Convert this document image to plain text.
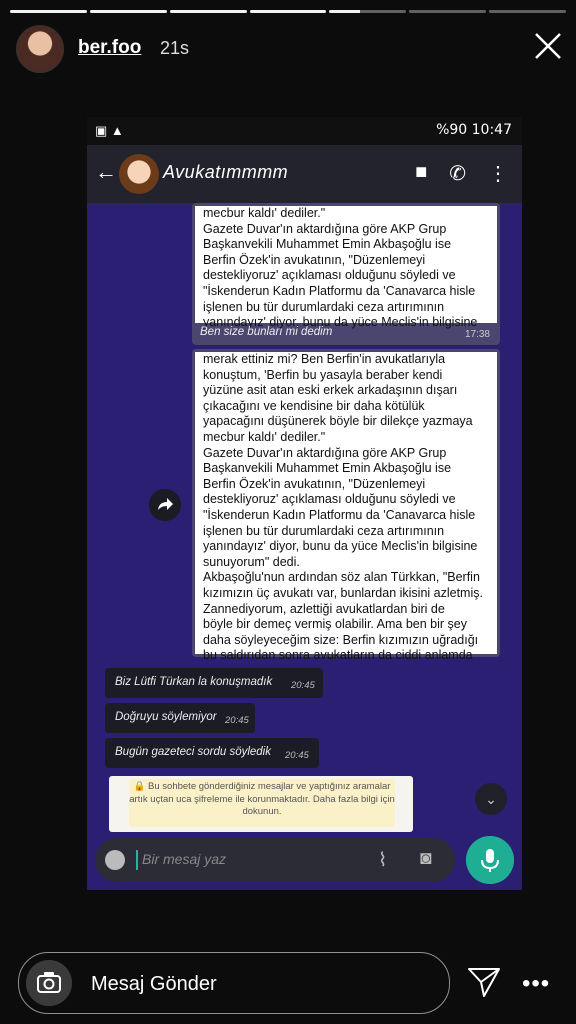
ber.foo 21s
▣ ▲	%90 10:47
←	Avukatımmmm	■ ✆ ⋮

mecbur kaldı' dediler."

Gazete Duvar'ın aktardığına göre AKP Grup

Başkanvekili Muhammet Emin Akbaşoğlu ise

Berfin Özek'in avukatının, "Düzenlemeyi

destekliyoruz' açıklaması olduğunu söyledi ve

"İskenderun Kadın Platformu da 'Canavarca hisle

işlenen bu tür durumlardaki ceza artırımının

yanındayız' diyor, bunu da yüce Meclis'in bilgisine

Ben size bunları mi dedim	17:38

merak ettiniz mi? Ben Berfin'in avukatlarıyla

konuştum, 'Berfin bu yasayla beraber kendi

yüzüne asit atan eski erkek arkadaşının dışarı

çıkacağını ve kendisine bir daha kötülük

yapacağını düşünerek böyle bir dilekçe yazmaya

mecbur kaldı' dediler."

Gazete Duvar'ın aktardığına göre AKP Grup

Başkanvekili Muhammet Emin Akbaşoğlu ise

Berfin Özek'in avukatının, "Düzenlemeyi

destekliyoruz' açıklaması olduğunu söyledi ve

"İskenderun Kadın Platformu da 'Canavarca hisle

işlenen bu tür durumlardaki ceza artırımının

yanındayız' diyor, bunu da yüce Meclis'in bilgisine

sunuyorum" dedi.

Akbaşoğlu'nun ardından söz alan Türkkan, "Berfin

kızımızın üç avukatı var, bunlardan ikisini azletmiş.

Zannediyorum, azlettiği avukatlardan biri de

böyle bir demeç vermiş olabilir. Ama ben bir şey

daha söyleyeceğim size: Berfin kızımızın uğradığı

bu saldırıdan sonra avukatların da ciddi anlamda

Biz Lütfi Türkan la konuşmadık 20:45
Doğruyu söylemiyor 20:45
Bugün gazeteci sordu söyledik 20:45
🔒 Bu sohbete gönderdiğiniz mesajlar ve yaptığınız aramalar artık uçtan uca şifreleme ile korunmaktadır. Daha fazla bilgi için dokunun.
⌄
Bir mesaj yaz	⌇ ◙
Mesaj Gönder	•••
